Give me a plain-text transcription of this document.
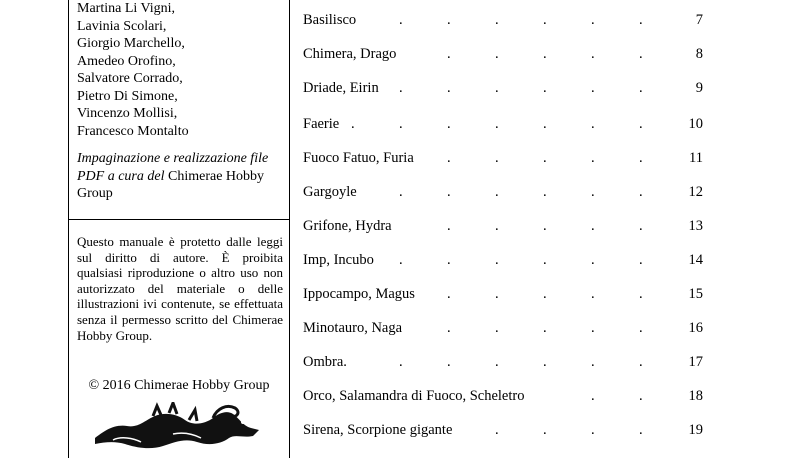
Martina Li Vigni,
Lavinia Scolari,
Giorgio Marchello,
Amedeo Orofino,
Salvatore Corrado,
Pietro Di Simone,
Vincenzo Mollisi,
Francesco Montalto
Impaginazione e realizzazione file PDF a cura del Chimerae Hobby Group
Questo manuale è protetto dalle leggi sul diritto di autore. È proibita qualsiasi riproduzione o altro uso non autorizzato del materiale o delle illustrazioni ivi contenute, se effettuata senza il permesso scritto del Chimerae Hobby Group.
© 2016 Chimerae Hobby Group
.	.	.	.	.	.
Basilisco	7
.	.	.	.	.
Chimera, Drago	8
.	.	.	.	.	.
Driade, Eirin	9
.	.	.	.	.	.	.
Faerie	10
.	.	.	.	.
Fuoco Fatuo, Furia	11
.	.	.	.	.	.
Gargoyle	12
.	.	.	.	.
Grifone, Hydra	13
.	.	.	.	.	.
Imp, Incubo	14
.	.	.	.	.
Ippocampo, Magus	15
.	.	.	.	.
Minotauro, Naga	16
.	.	.	.	.	.
Ombra.	17
.	.
Orco, Salamandra di Fuoco, Scheletro	18
.	.	.	.
Sirena, Scorpione gigante	19
